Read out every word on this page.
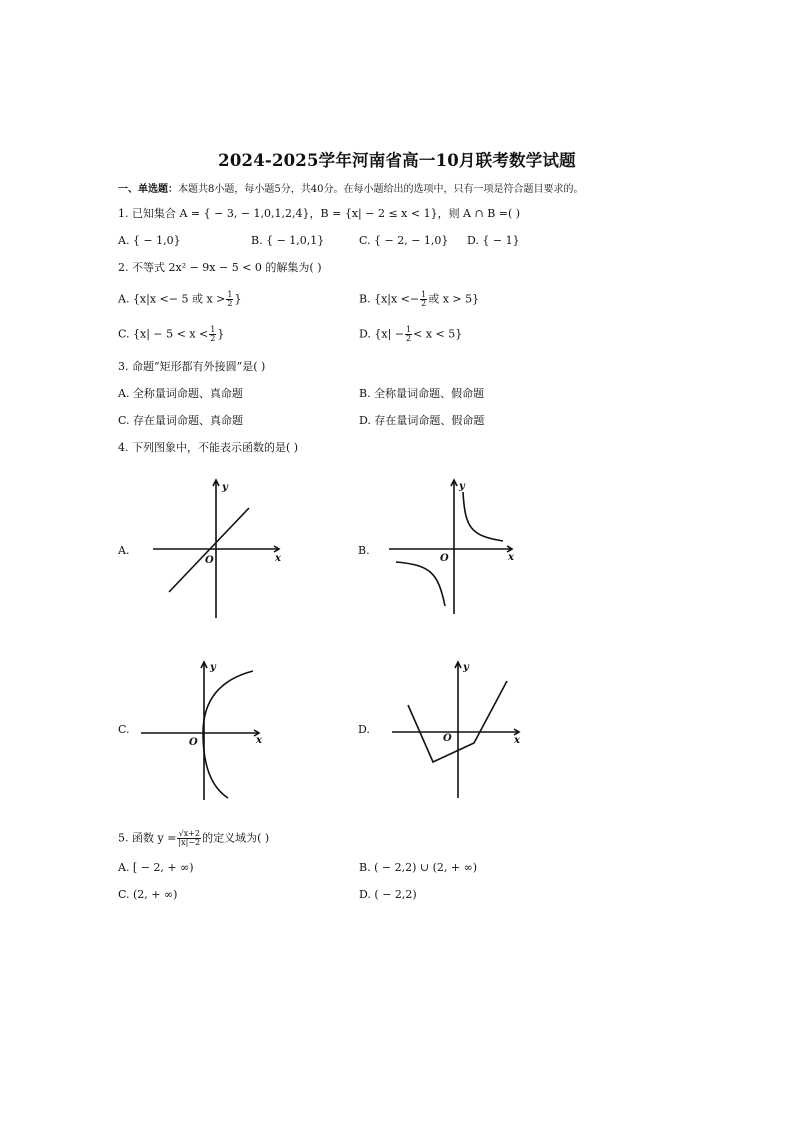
2024-2025学年河南省高一10月联考数学试题
一、单选题：本题共8小题，每小题5分，共40分。在每小题给出的选项中，只有一项是符合题目要求的。
1. 已知集合 A = { − 3, − 1,0,1,2,4}，B = {x| − 2 ≤ x < 1}，则 A ∩ B =( )
A. { − 1,0}	B. { − 1,0,1}	C. { − 2, − 1,0} D. { − 1}
2. 不等式 2x² − 9x − 5 < 0 的解集为( )
A. {x|x <− 5 或 $x > \frac{1}{2}$ }	B. {$x|x <- \frac{1}{2}$ 或 x > 5}
C. {$x| - 5 < x < \frac{1}{2}$ }	D. $\{x| - \frac{1}{2} < x < 5\}$
3. 命题“矩形都有外接圆”是( )
A. 全称量词命题、真命题	B. 全称量词命题、假命题
C. 存在量词命题、真命题	D. 存在量词命题、假命题
4. 下列图象中，不能表示函数的是( )
A.	B.
C.	D.
x
y
O	x
y
O
x
y
O	x
y
O
5. 函数 $y = \frac{√x+2}{|x|-2}$ 的定义域为( )
A. [ − 2, + ∞)	B. ( − 2,2) ∪ (2, + ∞)
C. (2, + ∞)	D. ( − 2,2)
